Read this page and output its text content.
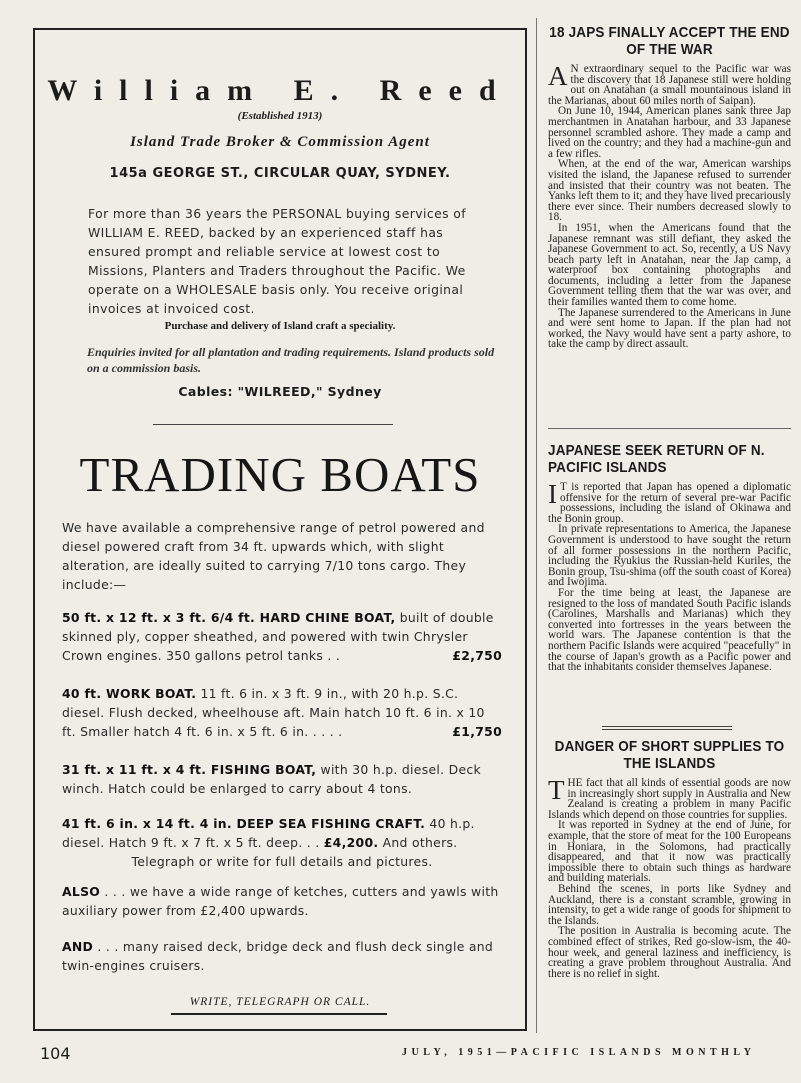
William E. Reed
(Established 1913)
Island Trade Broker & Commission Agent
145a GEORGE ST., CIRCULAR QUAY, SYDNEY.
For more than 36 years the PERSONAL buying services of WILLIAM E. REED, backed by an experienced staff has ensured prompt and reliable service at lowest cost to Missions, Planters and Traders throughout the Pacific. We operate on a WHOLESALE basis only. You receive original invoices at invoiced cost.
Purchase and delivery of Island craft a speciality.
Enquiries invited for all plantation and trading requirements. Island products sold on a commission basis.
Cables: "WILREED," Sydney
TRADING BOATS
We have available a comprehensive range of petrol powered and diesel powered craft from 34 ft. upwards which, with slight alteration, are ideally suited to carrying 7/10 tons cargo. They include:—
50 ft. x 12 ft. x 3 ft. 6/4 ft. HARD CHINE BOAT, built of double skinned ply, copper sheathed, and powered with twin Chrysler Crown engines. 350 gallons petrol tanks . .	£2,750
40 ft. WORK BOAT. 11 ft. 6 in. x 3 ft. 9 in., with 20 h.p. S.C. diesel. Flush decked, wheelhouse aft. Main hatch 10 ft. 6 in. x 10 ft. Smaller hatch 4 ft. 6 in. x 5 ft. 6 in. . . . .	£1,750
31 ft. x 11 ft. x 4 ft. FISHING BOAT, with 30 h.p. diesel. Deck winch. Hatch could be enlarged to carry about 4 tons.
41 ft. 6 in. x 14 ft. 4 in. DEEP SEA FISHING CRAFT. 40 h.p. diesel. Hatch 9 ft. x 7 ft. x 5 ft. deep. . . £4,200. And others.
Telegraph or write for full details and pictures.
ALSO . . . we have a wide range of ketches, cutters and yawls with auxiliary power from £2,400 upwards.
AND . . . many raised deck, bridge deck and flush deck single and twin-engines cruisers.
WRITE, TELEGRAPH OR CALL.
18 JAPS FINALLY ACCEPT THE END OF THE WAR
A N extraordinary sequel to the Pacific war was the discovery that 18 Japanese still were holding out on Anatahan (a small mountainous island in the Marianas, about 60 miles north of Saipan).

On June 10, 1944, American planes sank three Jap merchantmen in Anatahan harbour, and 33 Japanese personnel scrambled ashore. They made a camp and lived on the country; and they had a machine-gun and a few rifles.

When, at the end of the war, American warships visited the island, the Japanese refused to surrender and insisted that their country was not beaten. The Yanks left them to it; and they have lived precariously there ever since. Their numbers decreased slowly to 18.

In 1951, when the Americans found that the Japanese remnant was still defiant, they asked the Japanese Government to act. So, recently, a US Navy beach party left in Anatahan, near the Jap camp, a waterproof box containing photographs and documents, including a letter from the Japanese Government telling them that the war was over, and their families wanted them to come home.

The Japanese surrendered to the Americans in June and were sent home to Japan. If the plan had not worked, the Navy would have sent a party ashore, to take the camp by direct assault.

JAPANESE SEEK RETURN OF N. PACIFIC ISLANDS
I T is reported that Japan has opened a diplomatic offensive for the return of several pre-war Pacific possessions, including the island of Okinawa and the Bonin group.

In private representations to America, the Japanese Government is understood to have sought the return of all former possessions in the northern Pacific, including the Ryukius the Russian-held Kuriles, the Bonin group, Tsu-shima (off the south coast of Korea) and Iwojima.

For the time being at least, the Japanese are resigned to the loss of mandated South Pacific islands (Carolines, Marshalls and Marianas) which they converted into fortresses in the years between the world wars. The Japanese contention is that the northern Pacific Islands were acquired "peacefully" in the course of Japan's growth as a Pacific power and that the inhabitants consider themselves Japanese.

DANGER OF SHORT SUPPLIES TO THE ISLANDS
T HE fact that all kinds of essential goods are now in increasingly short supply in Australia and New Zealand is creating a problem in many Pacific Islands which depend on those countries for supplies.

It was reported in Sydney at the end of June, for example, that the store of meat for the 100 Europeans in Honiara, in the Solomons, had practically disappeared, and that it now was practically impossible there to obtain such things as hardware and building materials.

Behind the scenes, in ports like Sydney and Auckland, there is a constant scramble, growing in intensity, to get a wide range of goods for shipment to the Islands.

The position in Australia is becoming acute. The combined effect of strikes, Red go-slow-ism, the 40-hour week, and general laziness and inefficiency, is creating a grave problem throughout Australia. And there is no relief in sight.

104	JULY, 1951—PACIFIC ISLANDS MONTHLY
